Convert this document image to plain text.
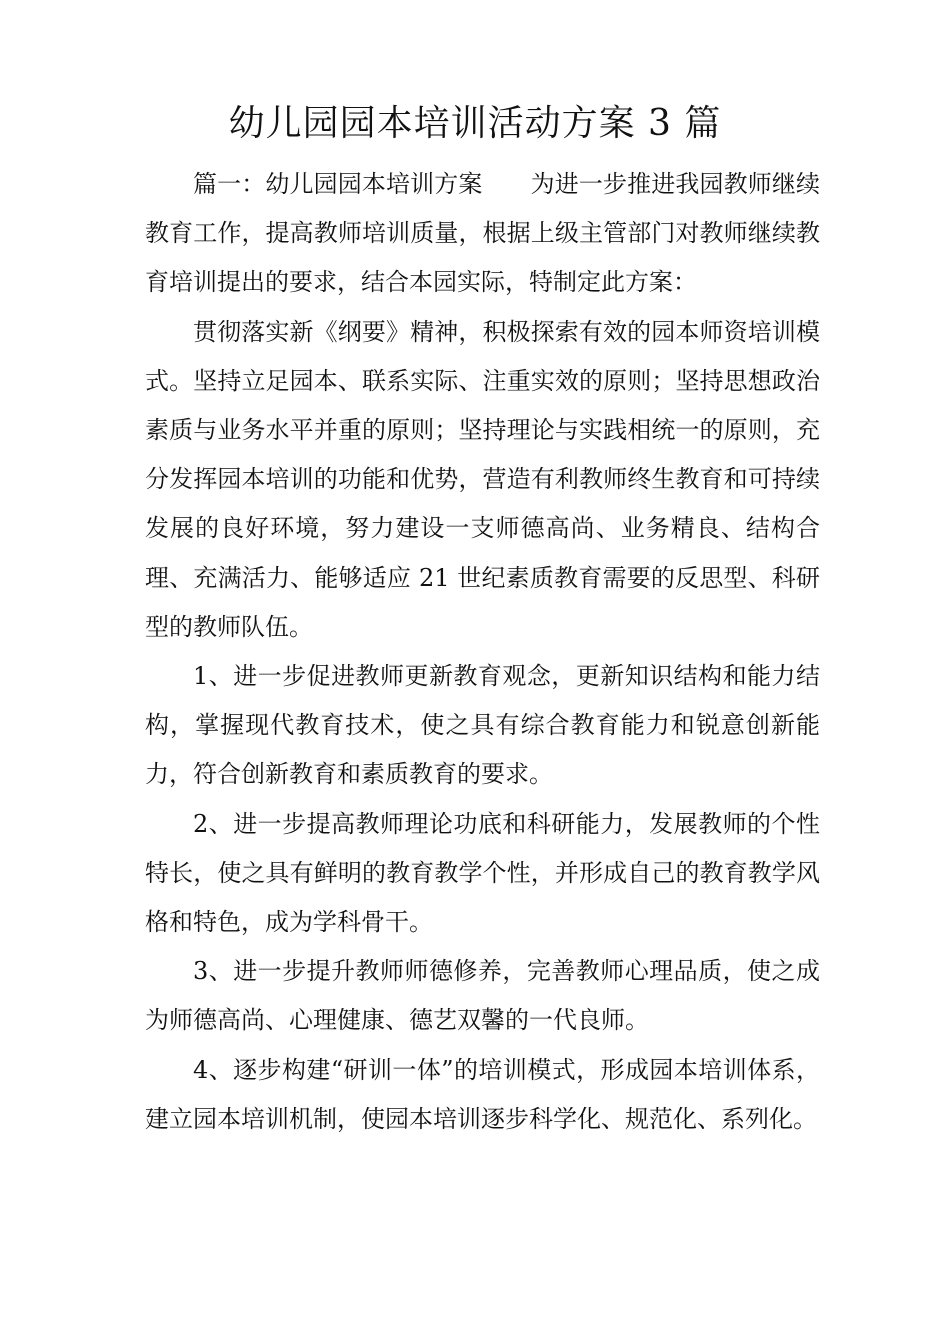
幼儿园园本培训活动方案 3 篇

篇一：幼儿园园本培训方案　　为进一步推进我园教师继续教育工作，提高教师培训质量，根据上级主管部门对教师继续教育培训提出的要求，结合本园实际，特制定此方案：

贯彻落实新《纲要》精神，积极探索有效的园本师资培训模式。坚持立足园本、联系实际、注重实效的原则；坚持思想政治素质与业务水平并重的原则；坚持理论与实践相统一的原则，充分发挥园本培训的功能和优势，营造有利教师终生教育和可持续发展的良好环境，努力建设一支师德高尚、业务精良、结构合理、充满活力、能够适应 21 世纪素质教育需要的反思型、科研型的教师队伍。

1、进一步促进教师更新教育观念，更新知识结构和能力结构，掌握现代教育技术，使之具有综合教育能力和锐意创新能力，符合创新教育和素质教育的要求。

2、进一步提高教师理论功底和科研能力，发展教师的个性特长，使之具有鲜明的教育教学个性，并形成自己的教育教学风格和特色，成为学科骨干。

3、进一步提升教师师德修养，完善教师心理品质，使之成为师德高尚、心理健康、德艺双馨的一代良师。

4、逐步构建“研训一体”的培训模式，形成园本培训体系，建立园本培训机制，使园本培训逐步科学化、规范化、系列化。
